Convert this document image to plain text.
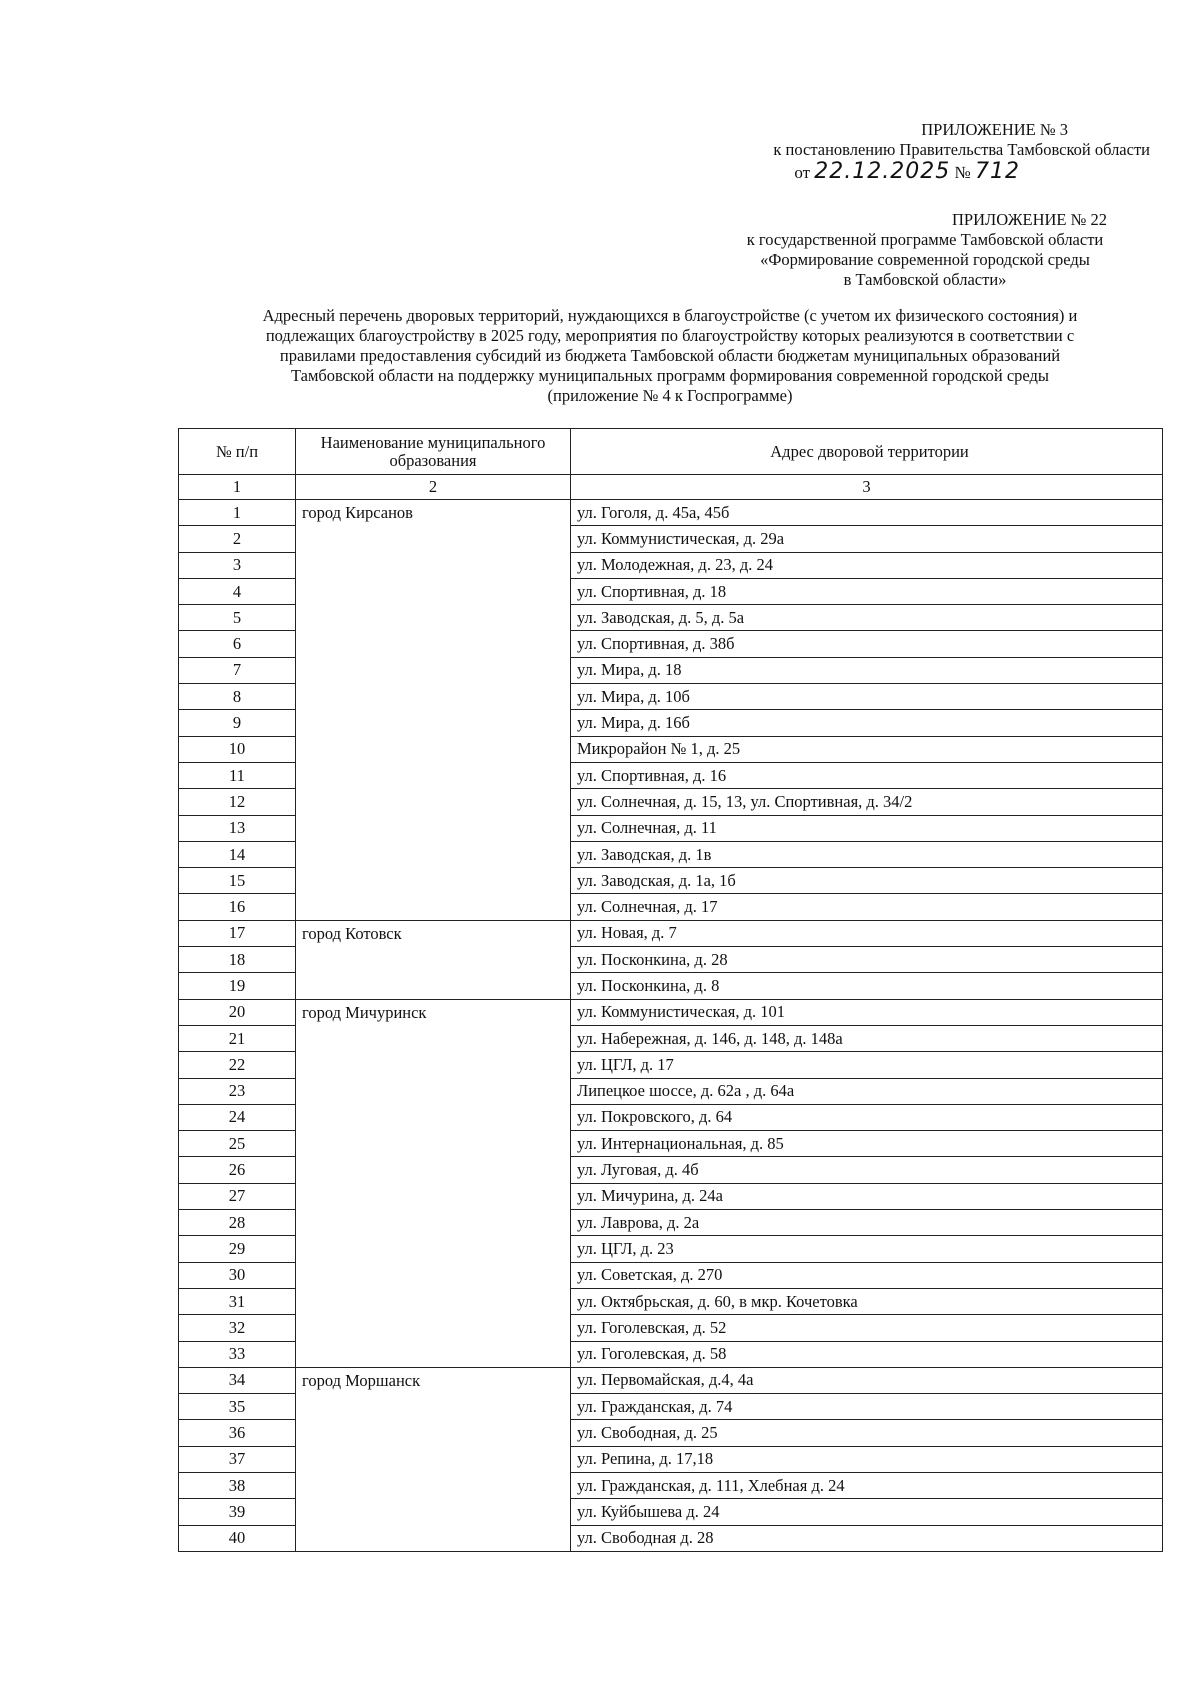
ПРИЛОЖЕНИЕ № 3
к постановлению Правительства Тамбовской области
от 22.12.2025 № 712
ПРИЛОЖЕНИЕ № 22
к государственной программе Тамбовской области
«Формирование современной городской среды
в Тамбовской области»
Адресный перечень дворовых территорий, нуждающихся в благоустройстве (с учетом их физического состояния) и
подлежащих благоустройству в 2025 году, мероприятия по благоустройству которых реализуются в соответствии с
правилами предоставления субсидий из бюджета Тамбовской области бюджетам муниципальных образований
Тамбовской области на поддержку муниципальных программ формирования современной городской среды
(приложение № 4 к Госпрограмме)
№ п/п	Наименование муниципального образования	Адрес дворовой территории
1	2	3
1	город Кирсанов	ул. Гоголя, д. 45а, 45б
2		ул. Коммунистическая, д. 29а
3		ул. Молодежная, д. 23, д. 24
4		ул. Спортивная, д. 18
5		ул. Заводская, д. 5, д. 5а
6		ул. Спортивная, д. 38б
7		ул. Мира, д. 18
8		ул. Мира, д. 10б
9		ул. Мира, д. 16б
10		Микрорайон № 1, д. 25
11		ул. Спортивная, д. 16
12		ул. Солнечная, д. 15, 13, ул. Спортивная, д. 34/2
13		ул. Солнечная, д. 11
14		ул. Заводская, д. 1в
15		ул. Заводская, д. 1а, 1б
16		ул. Солнечная, д. 17
17	город Котовск	ул. Новая, д. 7
18		ул. Посконкина, д. 28
19		ул. Посконкина, д. 8
20	город Мичуринск	ул. Коммунистическая, д. 101
21		ул. Набережная, д. 146, д. 148, д. 148а
22		ул. ЦГЛ, д. 17
23		Липецкое шоссе, д. 62а , д. 64а
24		ул. Покровского, д. 64
25		ул. Интернациональная, д. 85
26		ул. Луговая, д. 4б
27		ул. Мичурина, д. 24а
28		ул. Лаврова, д. 2а
29		ул. ЦГЛ, д. 23
30		ул. Советская, д. 270
31		ул. Октябрьская, д. 60, в мкр. Кочетовка
32		ул. Гоголевская, д. 52
33		ул. Гоголевская, д. 58
34	город Моршанск	ул. Первомайская, д.4, 4а
35		ул. Гражданская, д. 74
36		ул. Свободная, д. 25
37		ул. Репина, д. 17,18
38		ул. Гражданская, д. 111, Хлебная д. 24
39		ул. Куйбышева д. 24
40		ул. Свободная д. 28
